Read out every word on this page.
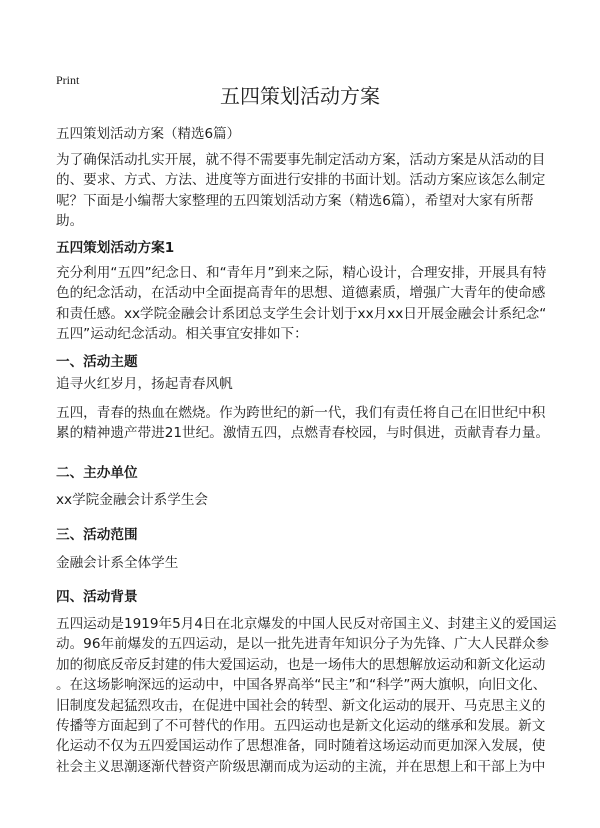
Print
五四策划活动方案
五四策划活动方案（精选6篇）
为了确保活动扎实开展，就不得不需要事先制定活动方案，活动方案是从活动的目
的、要求、方式、方法、进度等方面进行安排的书面计划。活动方案应该怎么制定
呢？下面是小编帮大家整理的五四策划活动方案（精选6篇），希望对大家有所帮
助。
五四策划活动方案1
充分利用“五四”纪念日、和“青年月”到来之际，精心设计，合理安排，开展具有特
色的纪念活动，在活动中全面提高青年的思想、道德素质，增强广大青年的使命感
和责任感。xx学院金融会计系团总支学生会计划于xx月xx日开展金融会计系纪念“
五四”运动纪念活动。相关事宜安排如下：
一、活动主题
追寻火红岁月，扬起青春风帆
五四，青春的热血在燃烧。作为跨世纪的新一代，我们有责任将自己在旧世纪中积
累的精神遗产带进21世纪。激情五四，点燃青春校园，与时俱进，贡献青春力量。
二、主办单位
xx学院金融会计系学生会
三、活动范围
金融会计系全体学生
四、活动背景
五四运动是1919年5月4日在北京爆发的中国人民反对帝国主义、封建主义的爱国运
动。96年前爆发的五四运动，是以一批先进青年知识分子为先锋、广大人民群众参
加的彻底反帝反封建的伟大爱国运动，也是一场伟大的思想解放运动和新文化运动
。在这场影响深远的运动中，中国各界高举“民主”和“科学”两大旗帜，向旧文化、
旧制度发起猛烈攻击，在促进中国社会的转型、新文化运动的展开、马克思主义的
传播等方面起到了不可替代的作用。五四运动也是新文化运动的继承和发展。新文
化运动不仅为五四爱国运动作了思想准备，同时随着这场运动而更加深入发展，使
社会主义思潮逐渐代替资产阶级思潮而成为运动的主流，并在思想上和干部上为中
